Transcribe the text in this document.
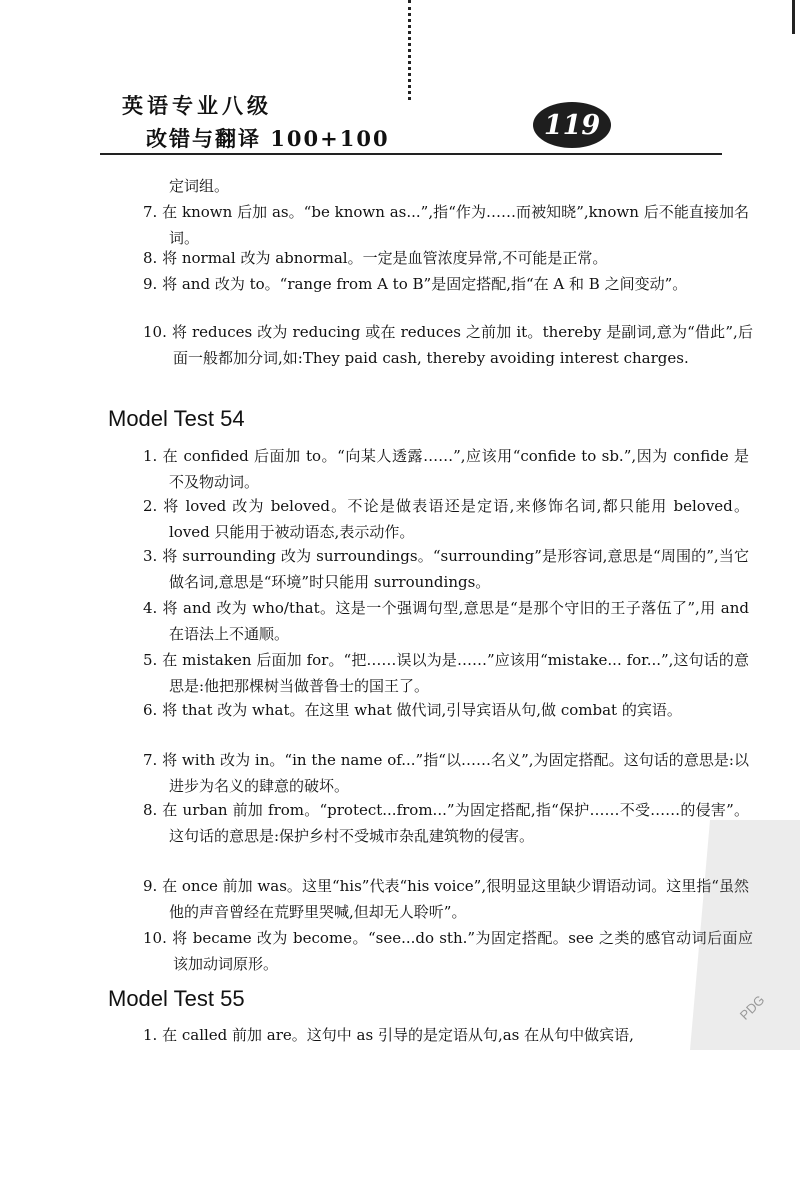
英语专业八级
改错与翻译 100+100	119
定词组。
7. 在 known 后加 as。“be known as...”,指“作为……而被知晓”,known 后不能直接加名词。
8. 将 normal 改为 abnormal。一定是血管浓度异常,不可能是正常。
9. 将 and 改为 to。“range from A to B”是固定搭配,指“在 A 和 B 之间变动”。
10. 将 reduces 改为 reducing 或在 reduces 之前加 it。thereby 是副词,意为“借此”,后面一般都加分词,如:They paid cash, thereby avoiding interest charges.
Model Test 54
1. 在 confided 后面加 to。“向某人透露……”,应该用“confide to sb.”,因为 confide 是不及物动词。
2. 将 loved 改为 beloved。不论是做表语还是定语,来修饰名词,都只能用 beloved。loved 只能用于被动语态,表示动作。
3. 将 surrounding 改为 surroundings。“surrounding”是形容词,意思是“周围的”,当它做名词,意思是“环境”时只能用 surroundings。
4. 将 and 改为 who/that。这是一个强调句型,意思是“是那个守旧的王子落伍了”,用 and 在语法上不通顺。
5. 在 mistaken 后面加 for。“把……误以为是……”应该用“mistake... for...”,这句话的意思是:他把那棵树当做普鲁士的国王了。
6. 将 that 改为 what。在这里 what 做代词,引导宾语从句,做 combat 的宾语。
7. 将 with 改为 in。“in the name of...”指“以……名义”,为固定搭配。这句话的意思是:以进步为名义的肆意的破坏。
8. 在 urban 前加 from。“protect...from...”为固定搭配,指“保护……不受……的侵害”。这句话的意思是:保护乡村不受城市杂乱建筑物的侵害。
9. 在 once 前加 was。这里“his”代表“his voice”,很明显这里缺少谓语动词。这里指“虽然他的声音曾经在荒野里哭喊,但却无人聆听”。
10. 将 became 改为 become。“see...do sth.”为固定搭配。see 之类的感官动词后面应该加动词原形。
Model Test 55
1. 在 called 前加 are。这句中 as 引导的是定语从句,as 在从句中做宾语,
PDG
